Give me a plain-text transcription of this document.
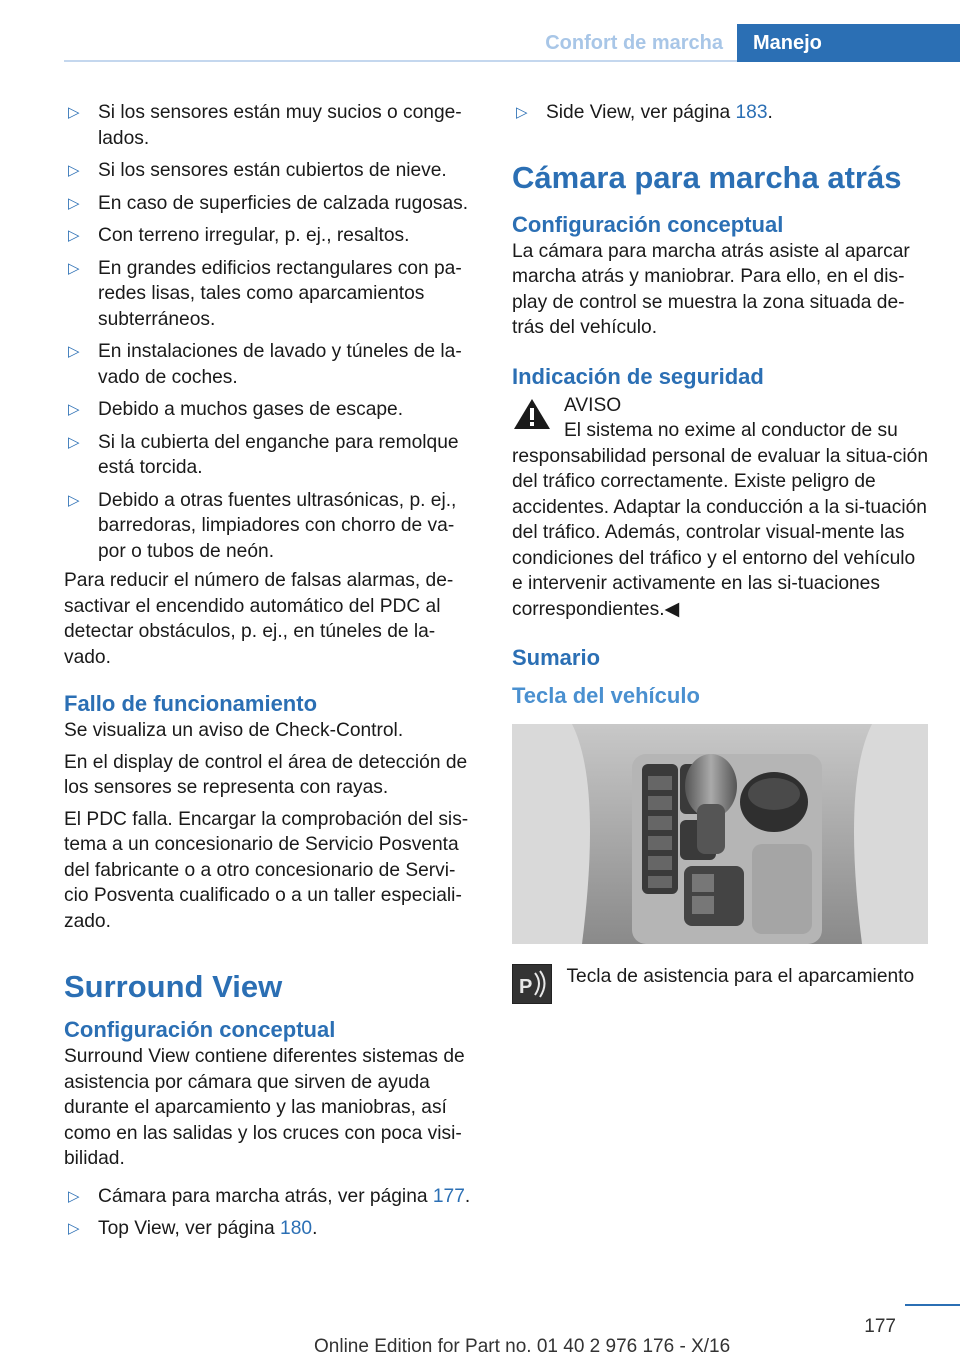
Confort de marcha	Manejo
▷ Si los sensores están muy sucios o conge-lados.
▷ Si los sensores están cubiertos de nieve.
▷ En caso de superficies de calzada rugosas.
▷ Con terreno irregular, p. ej., resaltos.
▷ En grandes edificios rectangulares con pa-redes lisas, tales como aparcamientos subterráneos.
▷ En instalaciones de lavado y túneles de la-vado de coches.
▷ Debido a muchos gases de escape.
▷ Si la cubierta del enganche para remolque está torcida.
▷ Debido a otras fuentes ultrasónicas, p. ej., barredoras, limpiadores con chorro de va-por o tubos de neón.

Para reducir el número de falsas alarmas, de-sactivar el encendido automático del PDC al detectar obstáculos, p. ej., en túneles de la-vado.

Fallo de funcionamiento

Se visualiza un aviso de Check-Control.

En el display de control el área de detección de los sensores se representa con rayas.

El PDC falla. Encargar la comprobación del sis-tema a un concesionario de Servicio Posventa del fabricante o a otro concesionario de Servi-cio Posventa cualificado o a un taller especiali-zado.

Surround View

Configuración conceptual

Surround View contiene diferentes sistemas de asistencia por cámara que sirven de ayuda durante el aparcamiento y las maniobras, así como en las salidas y los cruces con poca visi-bilidad.

▷ Cámara para marcha atrás, ver página 177.
▷ Top View, ver página 180.
▷ Side View, ver página 183.

Cámara para marcha atrás

Configuración conceptual

La cámara para marcha atrás asiste al aparcar marcha atrás y maniobrar. Para ello, en el dis-play de control se muestra la zona situada de-trás del vehículo.

Indicación de seguridad

AVISO

El sistema no exime al conductor de su

responsabilidad personal de evaluar la situa-ción del tráfico correctamente. Existe peligro de accidentes. Adaptar la conducción a la si-tuación del tráfico. Además, controlar visual-mente las condiciones del tráfico y el entorno del vehículo e intervenir activamente en las si-tuaciones correspondientes.◀

Sumario

Tecla del vehículo

P Tecla de asistencia para el aparcamiento
177
Online Edition for Part no. 01 40 2 976 176 - X/16
